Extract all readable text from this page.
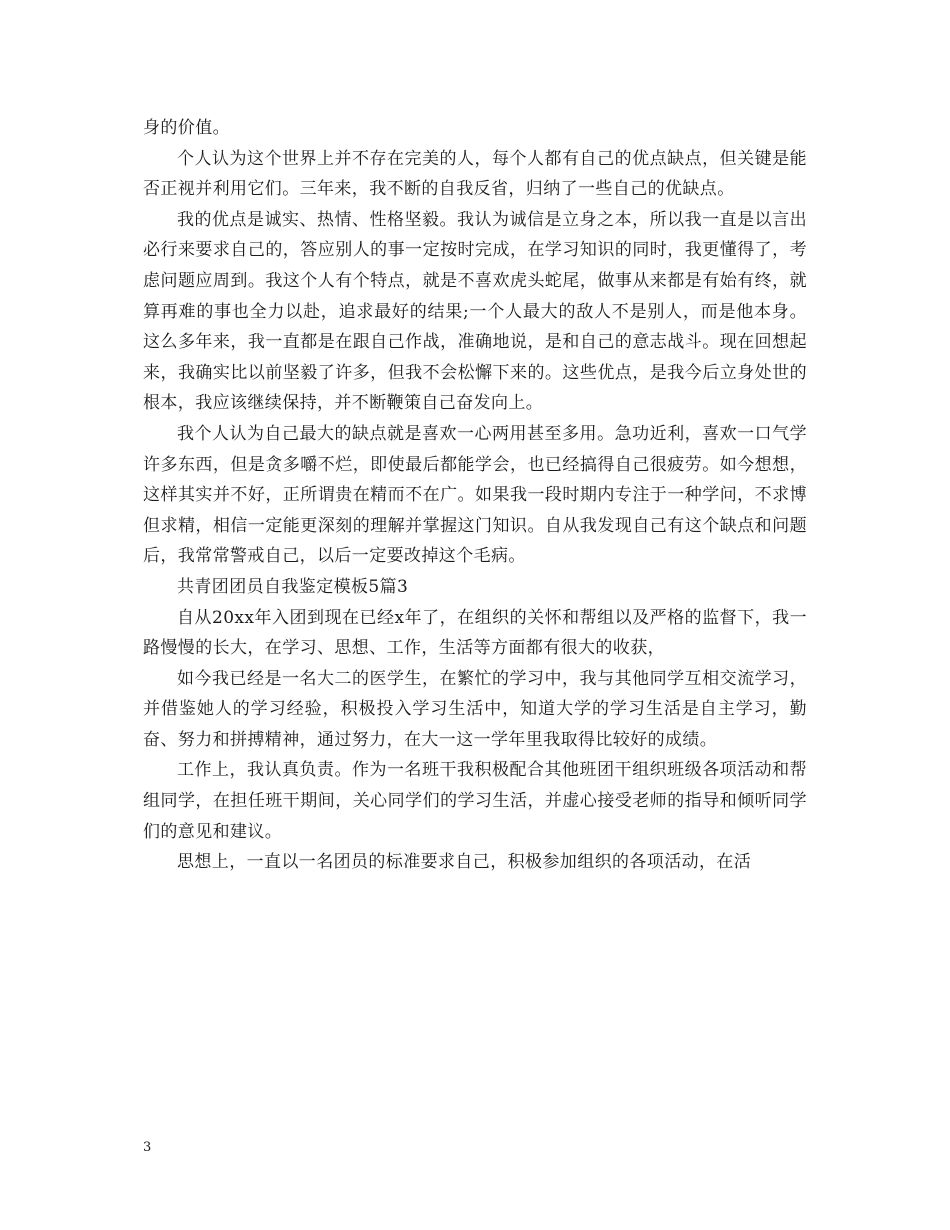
身的价值。

个人认为这个世界上并不存在完美的人，每个人都有自己的优点缺点，但关键是能否正视并利用它们。三年来，我不断的自我反省，归纳了一些自己的优缺点。

我的优点是诚实、热情、性格坚毅。我认为诚信是立身之本，所以我一直是以言出必行来要求自己的，答应别人的事一定按时完成，在学习知识的同时，我更懂得了，考虑问题应周到。我这个人有个特点，就是不喜欢虎头蛇尾，做事从来都是有始有终，就算再难的事也全力以赴，追求最好的结果;一个人最大的敌人不是别人，而是他本身。这么多年来，我一直都是在跟自己作战，准确地说，是和自己的意志战斗。现在回想起来，我确实比以前坚毅了许多，但我不会松懈下来的。这些优点，是我今后立身处世的根本，我应该继续保持，并不断鞭策自己奋发向上。

我个人认为自己最大的缺点就是喜欢一心两用甚至多用。急功近利，喜欢一口气学许多东西，但是贪多嚼不烂，即使最后都能学会，也已经搞得自己很疲劳。如今想想，这样其实并不好，正所谓贵在精而不在广。如果我一段时期内专注于一种学问，不求博但求精，相信一定能更深刻的理解并掌握这门知识。自从我发现自己有这个缺点和问题后，我常常警戒自己，以后一定要改掉这个毛病。

共青团团员自我鉴定模板5篇3

自从20xx年入团到现在已经x年了，在组织的关怀和帮组以及严格的监督下，我一路慢慢的长大，在学习、思想、工作，生活等方面都有很大的收获，

如今我已经是一名大二的医学生，在繁忙的学习中，我与其他同学互相交流学习，并借鉴她人的学习经验，积极投入学习生活中，知道大学的学习生活是自主学习，勤奋、努力和拼搏精神，通过努力，在大一这一学年里我取得比较好的成绩。

工作上，我认真负责。作为一名班干我积极配合其他班团干组织班级各项活动和帮组同学，在担任班干期间，关心同学们的学习生活，并虚心接受老师的指导和倾听同学们的意见和建议。

思想上，一直以一名团员的标准要求自己，积极参加组织的各项活动，在活

3
